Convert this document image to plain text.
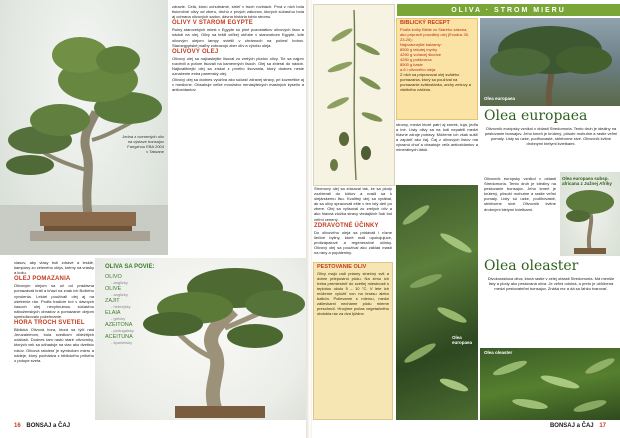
Jedna z ocenených olív
na výstave bonsajov
Fangzhou EBA 2004
v Taiwane
zdravie. Celá, ktorú ochutnáme, strieľ v troch rovinách. Prvá z nich bola tisícročné olivy od zberu, druhú z prvých zákonov, ktorých súčasťou bola aj ochrana olivových sadov, dávna história tohto stromu.
OLIVY V STAROM EGYPTE
Ruiny starovekých miest v Egypte sú plné pozostatkov olivových lisov a nádob na olej. Olivy sa tešili veľkej obľube v starovekom Egypte, kde olivovým olejom lampy svietili v chrámoch na počesť bohov. Staroegyptské maľby zobrazujú zber olív a výrobu oleja.
OLIVOVÝ OLEJ
Olivový olej sa najčastejšie lisoval zo zrelých plodov olivy. Tie sa najprv rozdrvili a potom lisovali na kamenných lisoch. Olej sa zbieral do nádob. Najkvalitnejší olej sa získal z prvého lisovania, ktorý dodnes nesie označenie extra panenský olej.
Olivový olej sa dodnes využíva ako súčasť zdravej stravy, pri kozmetike aj v medicíne. Obsahuje veľké množstvo nenasýtených mastných kyselín a antioxidantov.
vlasov, aby vlasy boli zdravé a lesklé, šampóny zo zeleného oleja, krémy na vrásky a kožu.
OLEJ POMAZANIA
Olivovým olejom sa už od pradávna pomazávali králi a kňazi na znak ich Božieho vyvolenia. Lekári používali olej aj na ošetrenie rán. Podľa tradície bol v dávnych časoch olej nevyhnutnou súčasťou náboženských obradov a pomazanie olejom symbolizovalo požehnanie.
HORA TROCH SVETIEL
Biblická Olivová hora, ktorá sa týči nad Jeruzalemom, bola svedkom dôležitých udalostí. Dodnes tam rastú staré olivovníky, ktorých vek sa odhaduje na viac ako dvetisíc rokov. Olivová ratolesť je symbolom mieru a nádeje, ktorý pochádza z biblického príbehu o potope sveta.
OLIVA SA POVIE:
OLIVO
- anglicky
OLIVE
- anglicky
ZAJIT
- hebrejsky
ELAIA
- grécky
AZEITONA
- portugalsky
ACEITUNA
- španielsky
16 BONSAJ a ČAJ
OLIVA · STROM MIERU
BIBLICKÝ RECEPT
Podľa knihy Biblie zo Starého zákona, ako pripraviť posvätný olej (Exodus 30, 23-25):
Najvzácnejšie balzamy:
8500 g tekutej myrhy
4250 g voňavej škorice
4250 g puškvorca
8500 g kasie
a 6 l olivového oleja.
Z nich sa pripravoval olej svätého pomazania, ktorý sa používal na pomazanie svätostánku, archy zmluvy a všetkého náčinia.
Stromový olej sa získaval tak, že sa plody zozbierali do kôšov a nosili sa k olejárskemu lisu. Kvalitný olej sa vyrábal, ak sa olivy spracovali ešte v ten istý deň po zbere. Olej sa vylisoval zo zrelých olív a ako hlavná zložka stravy vtedajších ľudí bol veľmi cenený.
ZDRAVOTNÉ ÚČINKY
Do olivového oleja sa pridávali i rôzne liečivé byliny, ktoré mali upokojujúce, protizápalové a regeneračné účinky. Olivový olej sa používal ako základ mastí na rany a popáleniny.
PESTOVANIE OLIV
Olivy majú radi priamy slnečný svit a dobre priepustnú pôdu. Na zimu ich treba premiestniť do svetlej miestnosti s teplotou okolo 5 – 10 °C. V lete ich môžeme vyložiť von na terasu alebo balkón. Polievame s mierou, medzi zálievkami necháme pôdu mierne preschnúť. Hnojíme počas vegetačného obdobia raz za dva týždne.
stromy, medzi ktoré patrí aj smrek, tuja, jedľa a iné. Listy olivy sa na lodi nepatrili medzi hlavné zdroje potravy. Môžeme ich však sušiť a zapáriť ako čaj. Čaj z olivových listov má výraznú chuť a obsahuje veľa antioxidantov a minerálnych látok.
Olea europaea
Olea europaea
Olea europaea
Olivovník európsky vznikol v oblasti Stredomoria. Tento druh je ideálny na pestovanie bonsajov. Jeho kmeň je krútený, pôsobí mohutne a rastie veľmi pomaly. Listy sú úzke, podlhovasté, strieborne sivé. Olivovník kvitne drobnými bielymi kvietkami.
Olivovník európsky vznikol v oblasti Stredomoria. Tento druh je ideálny na pestovanie bonsajov. Jeho kmeň je krútený, pôsobí mohutne a rastie veľmi pomaly. Listy sú úzke, podlhovasté, strieborne sivé. Olivovník kvitne drobnými bielymi kvietkami.
Olea europaea subsp. africana z Južnej Afriky
Olea oleaster
Divokorastúca oliva, ktorá rastie v celej oblasti Stredomoria. Má menšie listy a plody ako pestovaná oliva. Je veľmi odolná, a preto je obľúbená medzi pestovateľmi bonsajov. Znáša rez a dá sa ľahko tvarovať.
Olea oleaster
BONSAJ a ČAJ 17
